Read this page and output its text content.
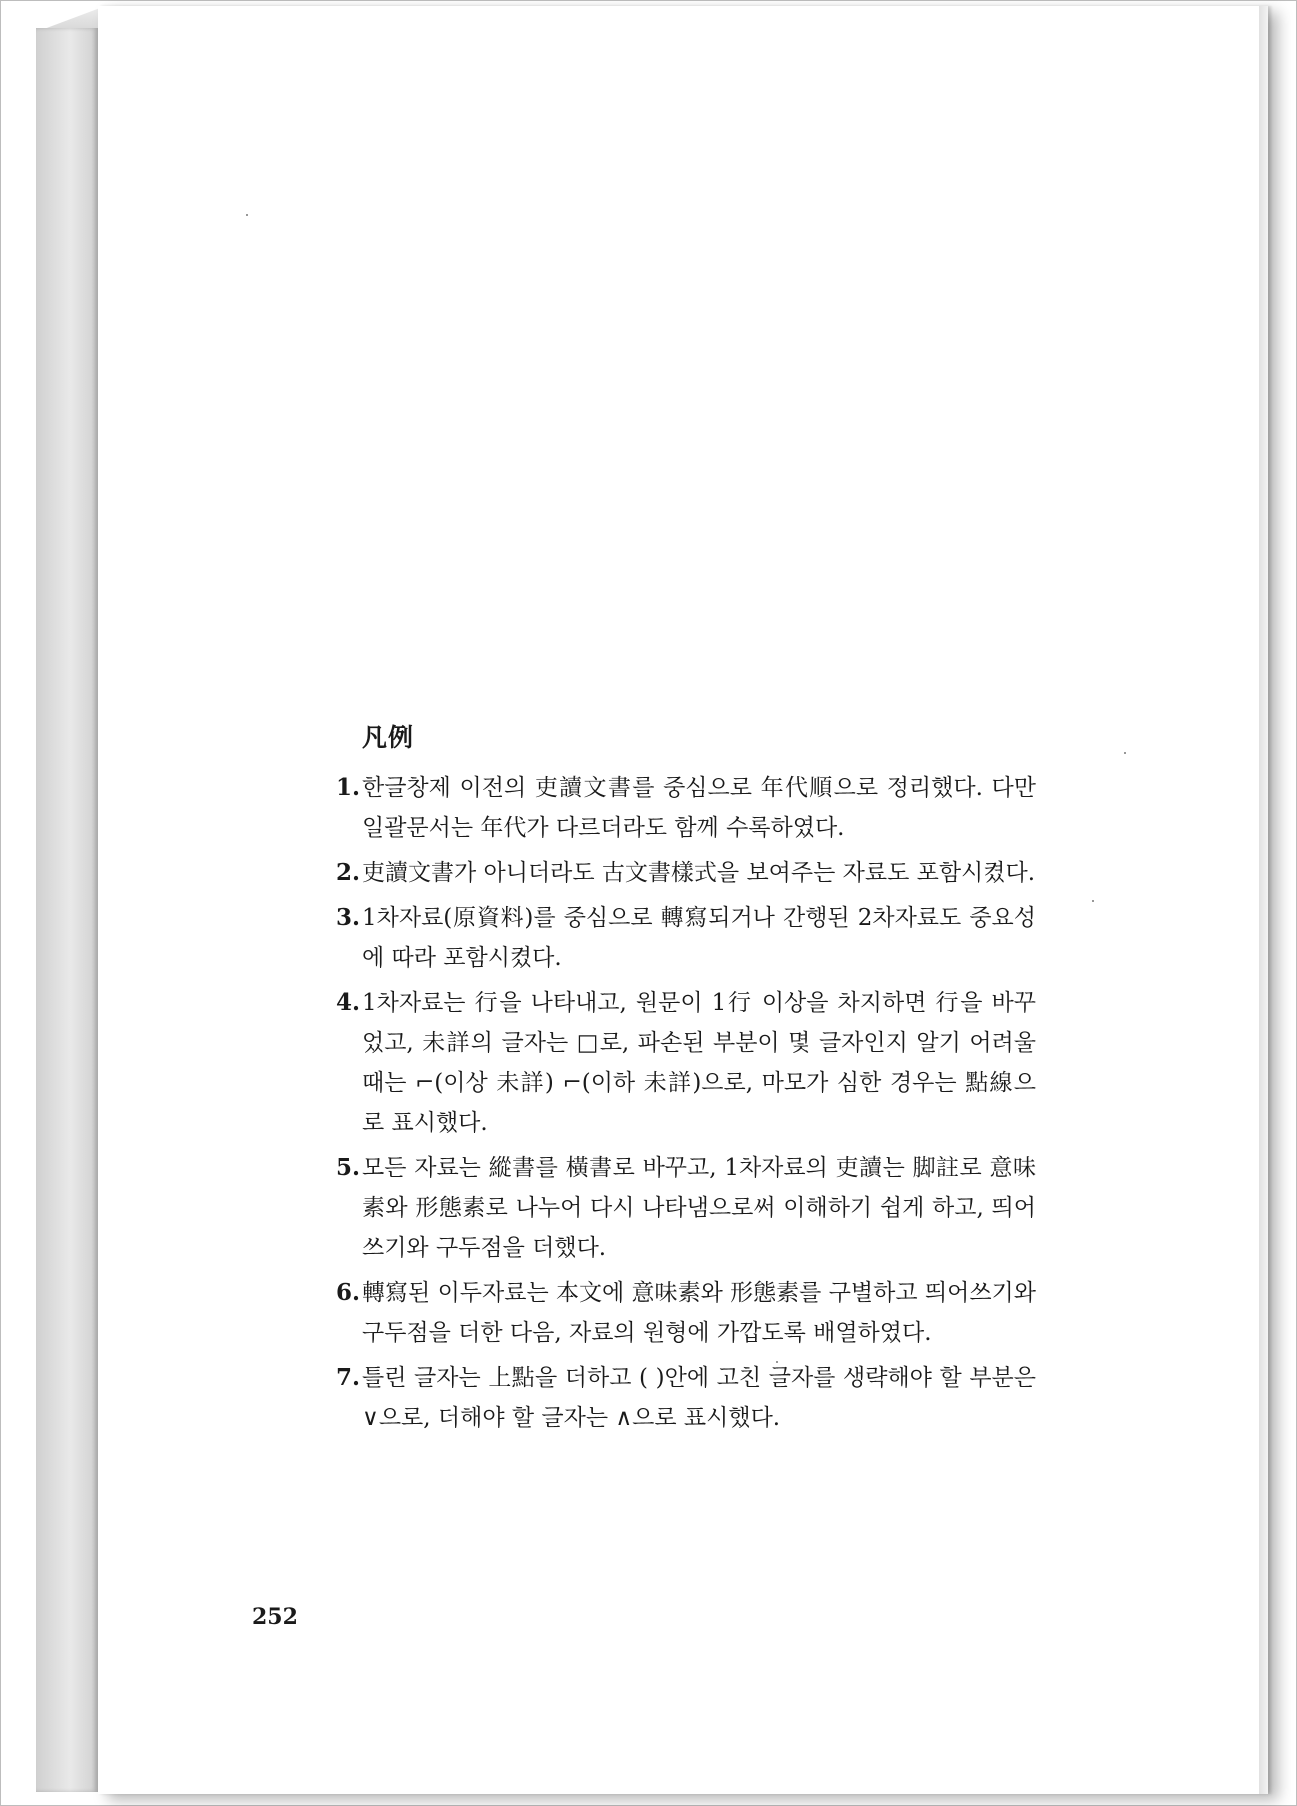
凡例
1. 한글창제 이전의 吏讀文書를 중심으로 年代順으로 정리했다. 다만 일괄문서는 年代가 다르더라도 함께 수록하였다.
2. 吏讀文書가 아니더라도 古文書樣式을 보여주는 자료도 포함시켰다.
3. 1차자료(原資料)를 중심으로 轉寫되거나 간행된 2차자료도 중요성에 따라 포함시켰다.
4. 1차자료는 行을 나타내고, 원문이 1行 이상을 차지하면 行을 바꾸었고, 未詳의 글자는 □로, 파손된 부분이 몇 글자인지 알기 어려울 때는 ⌐(이상 未詳) ⌐(이하 未詳)으로, 마모가 심한 경우는 點線으로 표시했다.
5. 모든 자료는 縱書를 橫書로 바꾸고, 1차자료의 吏讀는 脚註로 意味素와 形態素로 나누어 다시 나타냄으로써 이해하기 쉽게 하고, 띄어쓰기와 구두점을 더했다.
6. 轉寫된 이두자료는 本文에 意味素와 形態素를 구별하고 띄어쓰기와 구두점을 더한 다음, 자료의 원형에 가깝도록 배열하였다.
7. 틀린 글자는 上點을 더하고 ( )안에 고친 글자를 생략해야 할 부분은 ∨으로, 더해야 할 글자는 ∧으로 표시했다.
252
